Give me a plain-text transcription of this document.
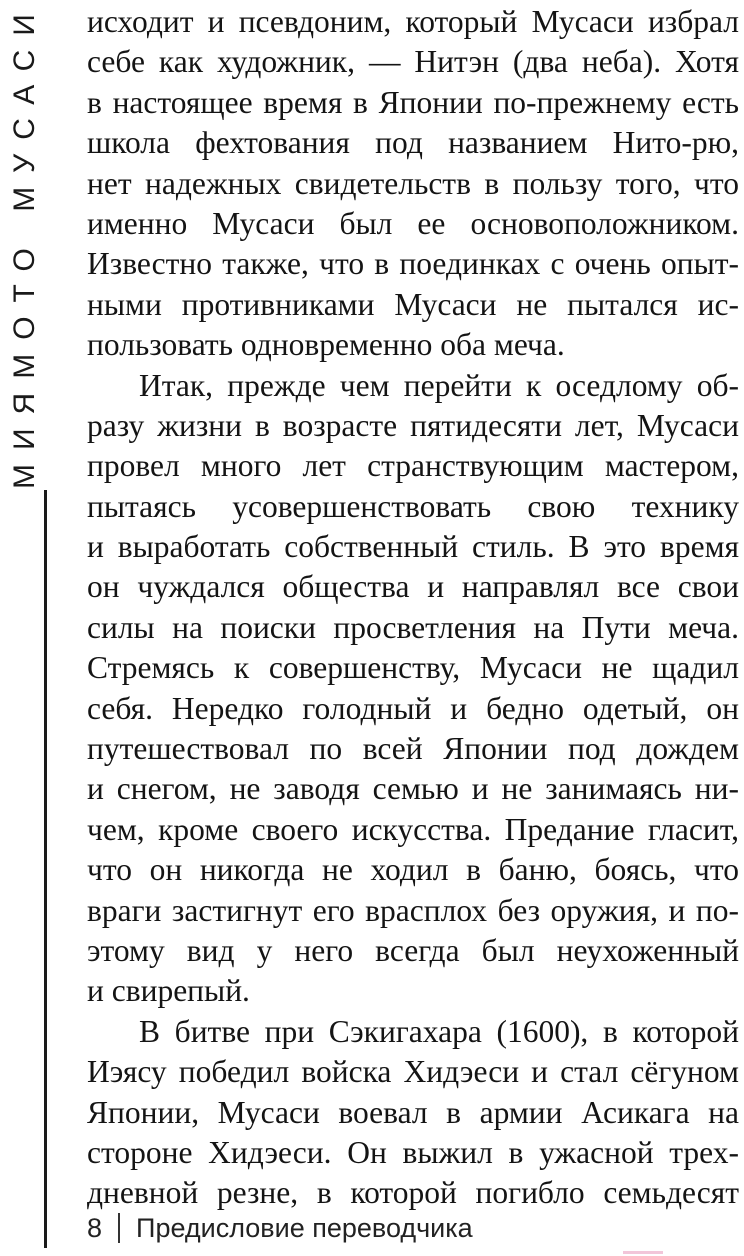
МИЯМОТО МУСАСИ исходит и псевдоним, который Мусаси избрал
себе как художник, — Нитэн (два неба). Хотя
в настоящее время в Японии по-прежнему есть
школа фехтования под названием Нито-рю,
нет надежных свидетельств в пользу того, что
именно Мусаси был ее основоположником.
Известно также, что в поединках с очень опыт-
ными противниками Мусаси не пытался ис-
пользовать одновременно оба меча.
Итак, прежде чем перейти к оседлому об-
разу жизни в возрасте пятидесяти лет, Мусаси
провел много лет странствующим мастером,
пытаясь усовершенствовать свою технику
и выработать собственный стиль. В это время
он чуждался общества и направлял все свои
силы на поиски просветления на Пути меча.
Стремясь к совершенству, Мусаси не щадил
себя. Нередко голодный и бедно одетый, он
путешествовал по всей Японии под дождем
и снегом, не заводя семью и не занимаясь ни-
чем, кроме своего искусства. Предание гласит,
что он никогда не ходил в баню, боясь, что
враги застигнут его врасплох без оружия, и по-
этому вид у него всегда был неухоженный
и свирепый.
В битве при Сэкигахара (1600), в которой
Иэясу победил войска Хидэеси и стал сёгуном
Японии, Мусаси воевал в армии Асикага на
стороне Хидэеси. Он выжил в ужасной трех-
дневной резне, в которой погибло семьдесят
8 Предисловие переводчика
